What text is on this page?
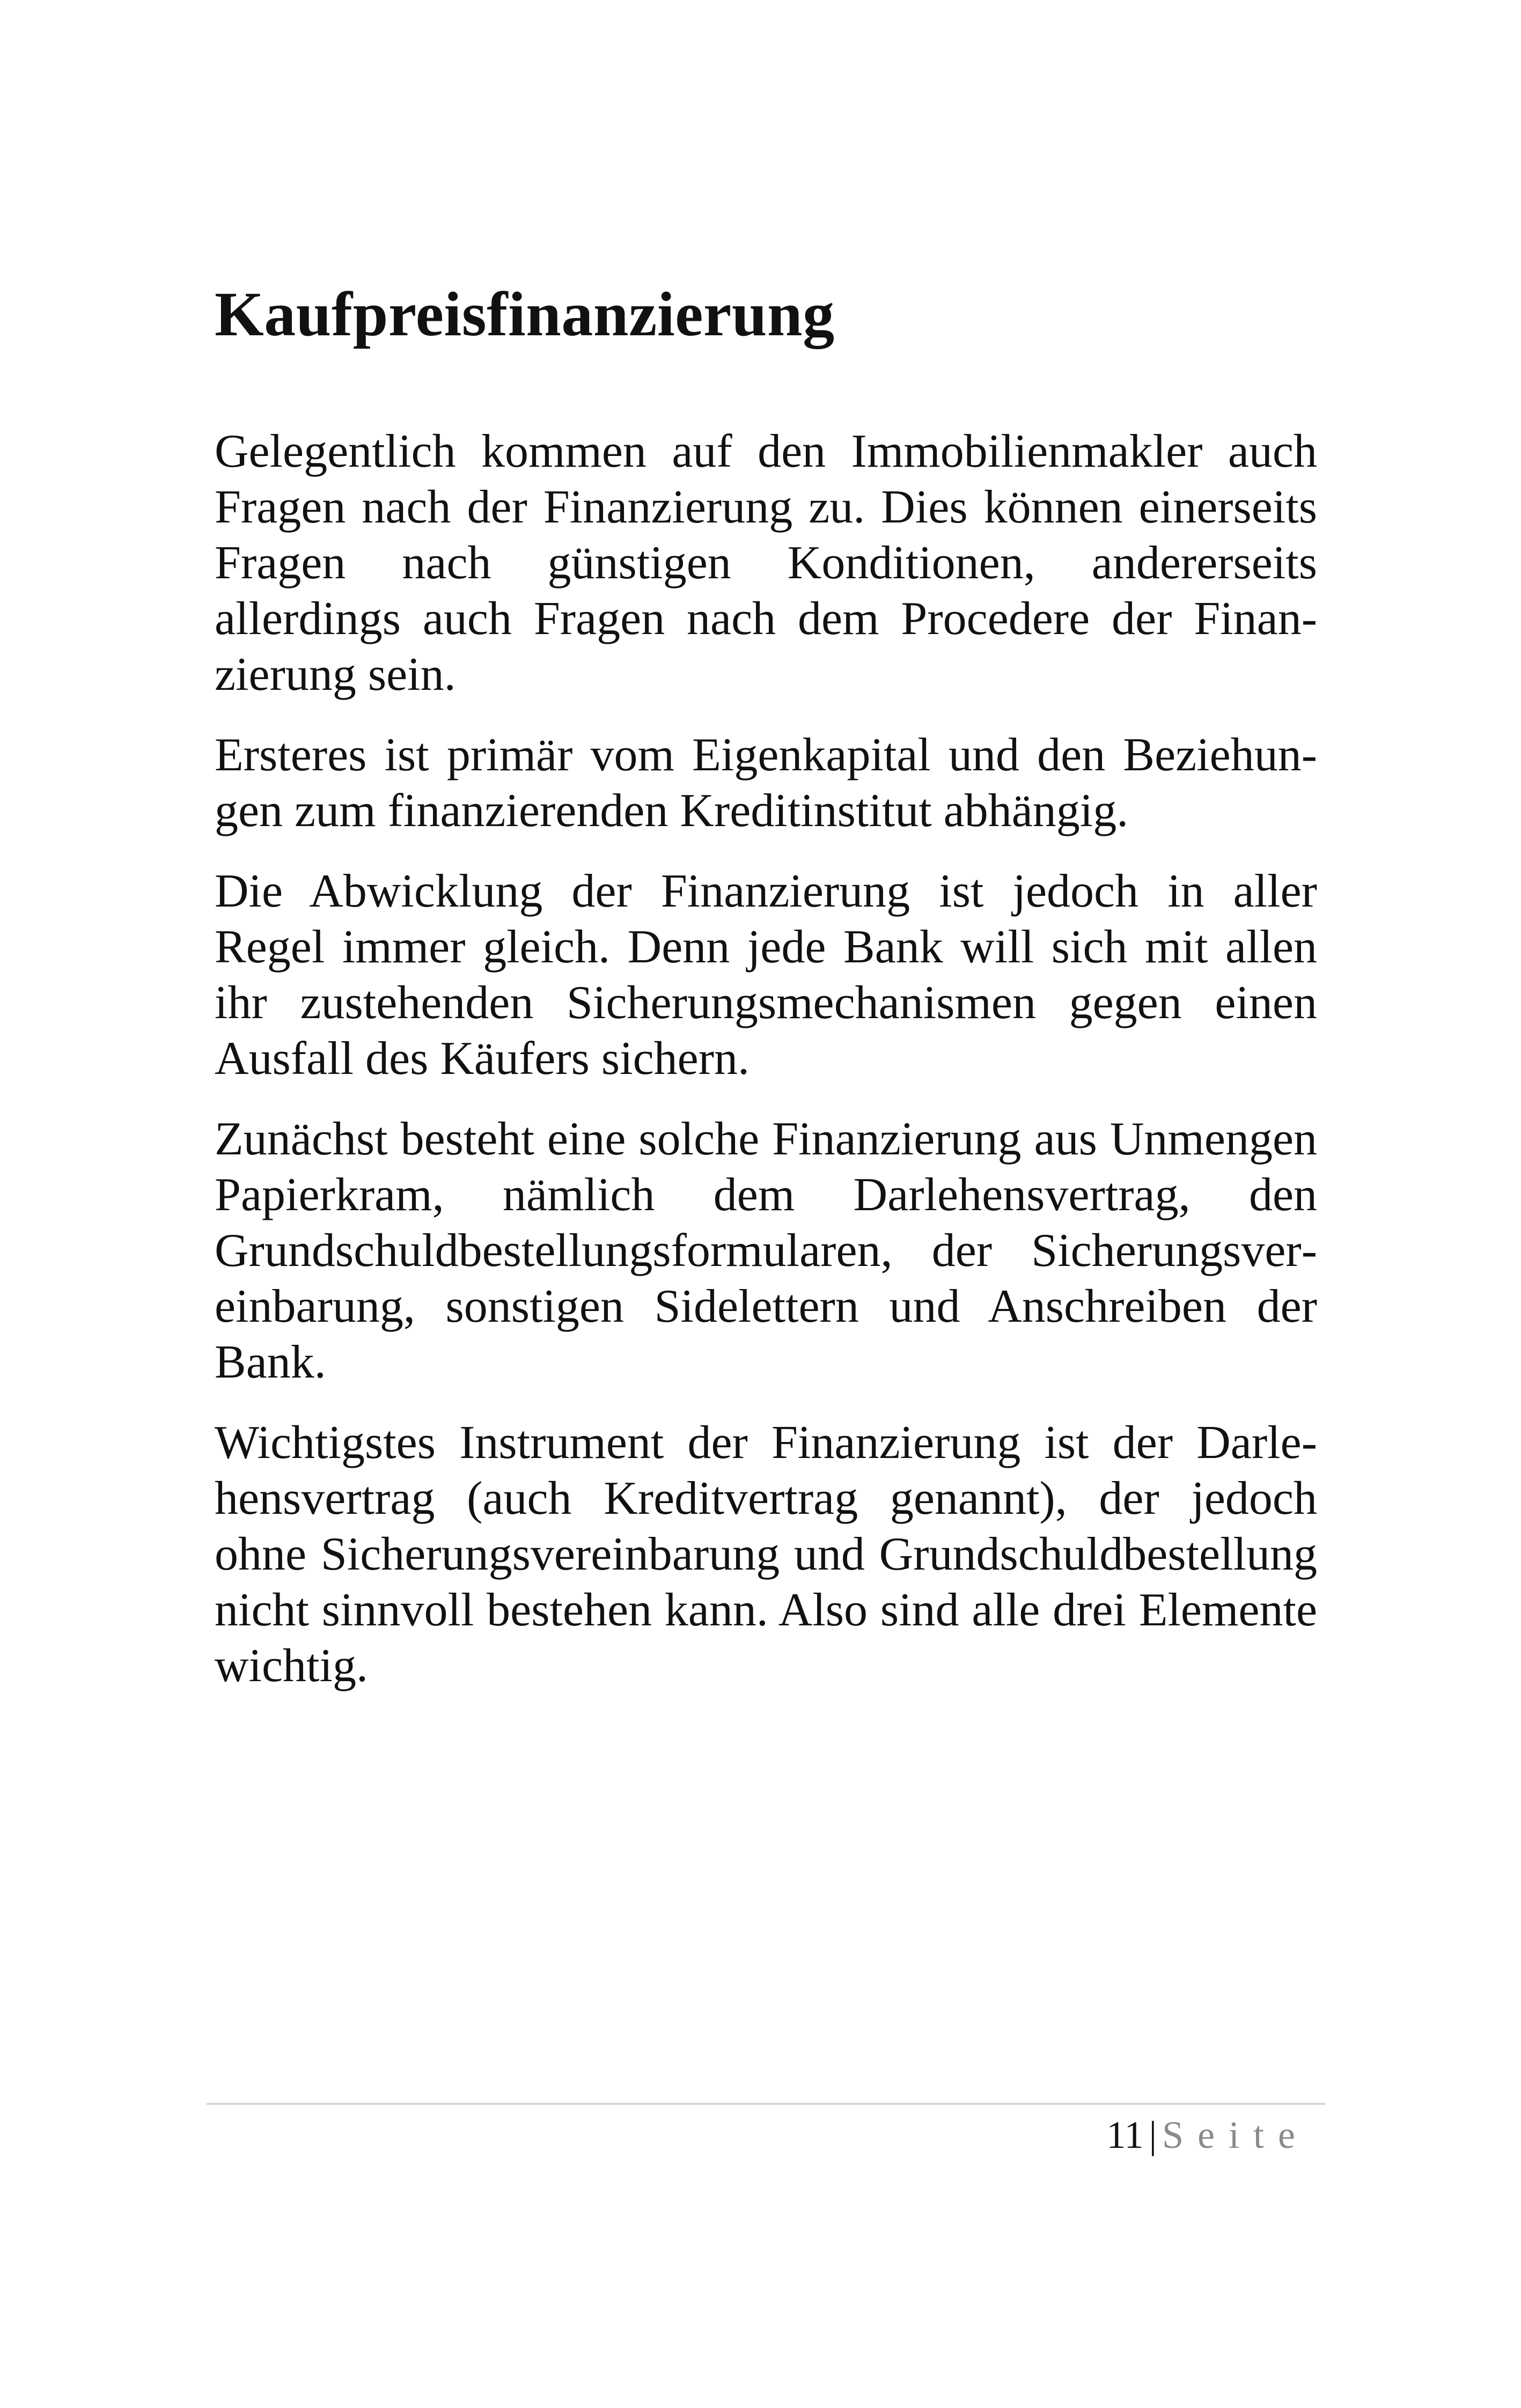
Kaufpreisfinanzierung

Gelegentlich kommen auf den Immobilienmakler auch Fragen nach der Finanzierung zu. Dies können einerseits Fragen nach günstigen Konditionen, andererseits allerdings auch Fragen nach dem Procedere der Finanzierung sein.

Ersteres ist primär vom Eigenkapital und den Beziehungen zum finanzierenden Kreditinstitut abhängig.

Die Abwicklung der Finanzierung ist jedoch in aller Regel immer gleich. Denn jede Bank will sich mit allen ihr zustehenden Sicherungsmechanismen gegen einen Ausfall des Käufers sichern.

Zunächst besteht eine solche Finanzierung aus Unmengen Papierkram, nämlich dem Darlehensvertrag, den Grundschuldbestellungsformularen, der Sicherungsvereinbarung, sonstigen Sidelettern und Anschreiben der Bank.

Wichtigstes Instrument der Finanzierung ist der Darlehensvertrag (auch Kreditvertrag genannt), der jedoch ohne Sicherungsvereinbarung und Grundschuldbestellung nicht sinnvoll bestehen kann. Also sind alle drei Elemente wichtig.

11 | Seite
